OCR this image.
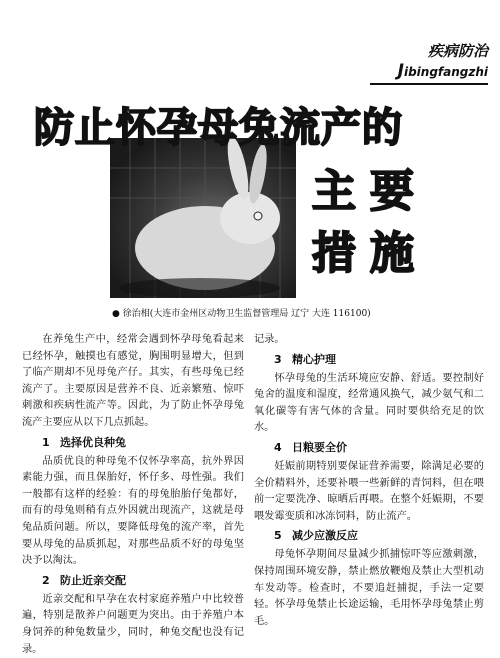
疾病防治
Jibingfangzhi
防止怀孕母兔流产的
主 要
措 施
● 徐治相(大连市金州区动物卫生监督管理局 辽宁 大连 116100)

在养兔生产中，经常会遇到怀孕母兔看起来已经怀孕，触摸也有感觉，胸围明显增大，但到了临产期却不见母兔产仔。其实，有些母兔已经流产了。主要原因是营养不良、近亲繁殖、惊吓刺激和疾病性流产等。因此，为了防止怀孕母兔流产主要应从以下几点抓起。

1 选择优良种兔

品质优良的种母兔不仅怀孕率高，抗外界因素能力强，而且保胎好，怀仔多、母性强。我们一般都有这样的经验：有的母兔胎胎仔兔都好，而有的母兔则稍有点外因就出现流产，这就是母兔品质问题。所以，要降低母兔的流产率，首先要从母兔的品质抓起，对那些品质不好的母兔坚决予以淘汰。

2 防止近亲交配

近亲交配和早孕在农村家庭养殖户中比较普遍，特别是散养户问题更为突出。由于养殖户本身饲养的种兔数量少，同时，种兔交配也没有记录。

记录。

3 精心护理

怀孕母兔的生活环境应安静、舒适。要控制好兔舍的温度和湿度，经常通风换气，减少氨气和二氧化碳等有害气体的含量。同时要供给充足的饮水。

4 日粮要全价

妊娠前期特别要保证营养需要，除满足必要的全价精料外，还要补喂一些新鲜的青饲料，但在喂前一定要洗净、晾晒后再喂。在整个妊娠期，不要喂发霉变质和冰冻饲料，防止流产。

5 减少应激反应

母兔怀孕期间尽量减少抓捕惊吓等应激刺激，保持周围环境安静，禁止燃放鞭炮及禁止大型机动车发动等。检查时，不要追赶捕捉，手法一定要轻。怀孕母兔禁止长途运输，毛用怀孕母兔禁止剪毛。
